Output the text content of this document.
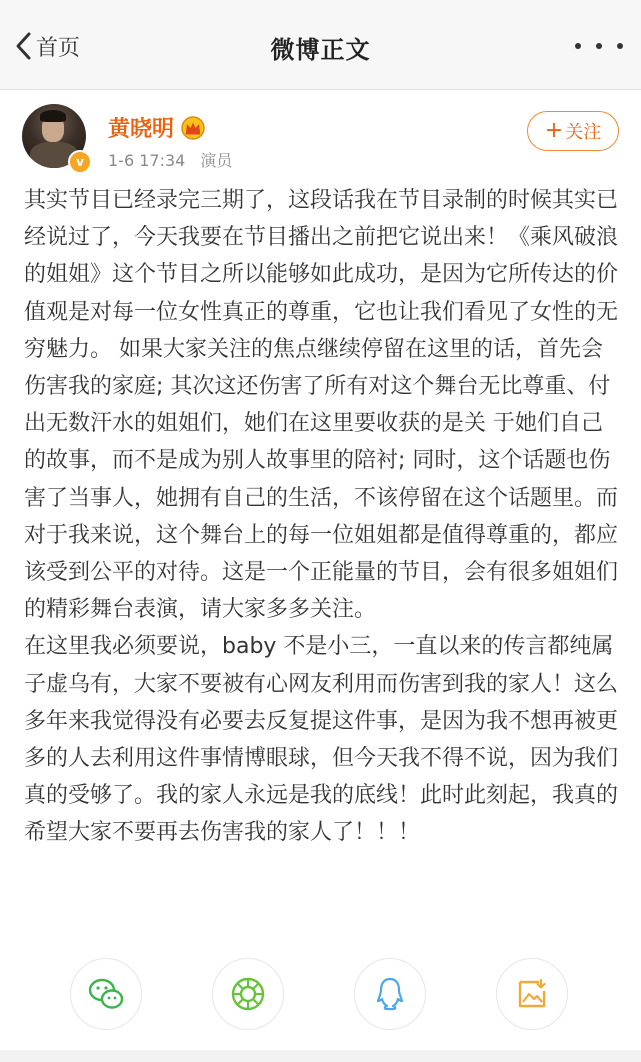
首页	微博正文
v
黄晓明
1-6 17:34 演员
+ 关注

其实节目已经录完三期了，这段话我在节目录制的时候其实已经说过了，今天我要在节目播出之前把它说出来！《乘风破浪的姐姐》这个节目之所以能够如此成功，是因为它所传达的价值观是对每一位女性真正的尊重，它也让我们看见了女性的无穷魅力。 如果大家关注的焦点继续停留在这里的话，首先会伤害我的家庭; 其次这还伤害了所有对这个舞台无比尊重、付出无数汗水的姐姐们，她们在这里要收获的是关 于她们自己的故事，而不是成为别人故事里的陪衬; 同时，这个话题也伤害了当事人，她拥有自己的生活，不该停留在这个话题里。而对于我来说，这个舞台上的每一位姐姐都是值得尊重的，都应该受到公平的对待。这是一个正能量的节目，会有很多姐姐们的精彩舞台表演，请大家多多关注。

在这里我必须要说，baby 不是小三，一直以来的传言都纯属子虚乌有，大家不要被有心网友利用而伤害到我的家人！这么多年来我觉得没有必要去反复提这件事，是因为我不想再被更多的人去利用这件事情博眼球，但今天我不得不说，因为我们真的受够了。我的家人永远是我的底线！此时此刻起，我真的希望大家不要再去伤害我的家人了！！！
